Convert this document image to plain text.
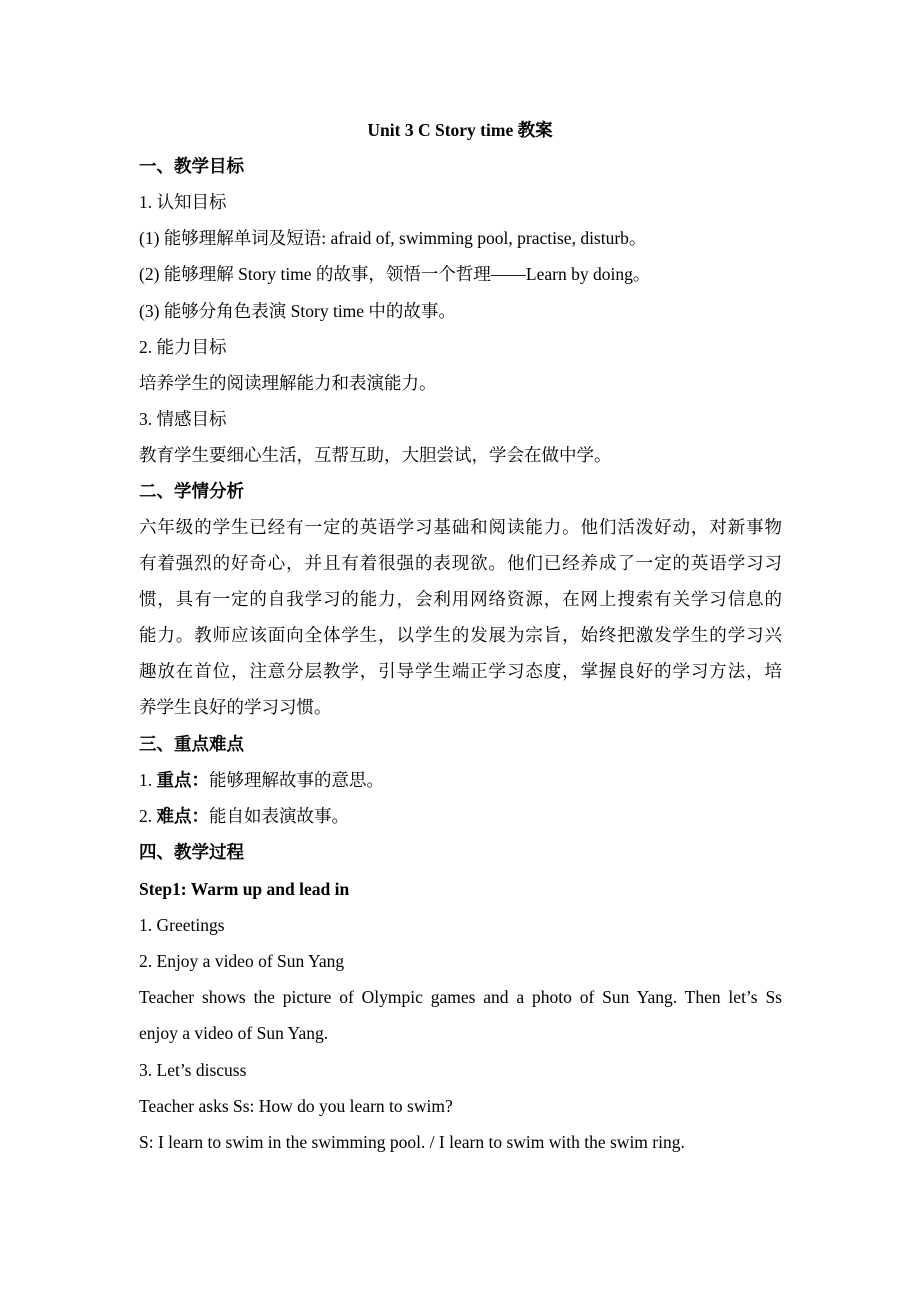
Unit 3 C Story time 教案
一、教学目标
1. 认知目标
(1) 能够理解单词及短语: afraid of, swimming pool, practise, disturb。
(2) 能够理解 Story time 的故事，领悟一个哲理——Learn by doing。
(3) 能够分角色表演 Story time 中的故事。
2. 能力目标
培养学生的阅读理解能力和表演能力。
3. 情感目标
教育学生要细心生活，互帮互助，大胆尝试，学会在做中学。
二、学情分析
六年级的学生已经有一定的英语学习基础和阅读能力。他们活泼好动，对新事物
有着强烈的好奇心，并且有着很强的表现欲。他们已经养成了一定的英语学习习
惯，具有一定的自我学习的能力，会利用网络资源，在网上搜索有关学习信息的
能力。教师应该面向全体学生，以学生的发展为宗旨，始终把激发学生的学习兴
趣放在首位，注意分层教学，引导学生端正学习态度，掌握良好的学习方法，培
养学生良好的学习习惯。
三、重点难点
1. 重点：能够理解故事的意思。
2. 难点：能自如表演故事。
四、教学过程
Step1: Warm up and lead in
1. Greetings
2. Enjoy a video of Sun Yang
Teacher shows the picture of Olympic games and a photo of Sun Yang. Then let’s Ss
enjoy a video of Sun Yang.
3. Let’s discuss
Teacher asks Ss: How do you learn to swim?
S: I learn to swim in the swimming pool. / I learn to swim with the swim ring.
